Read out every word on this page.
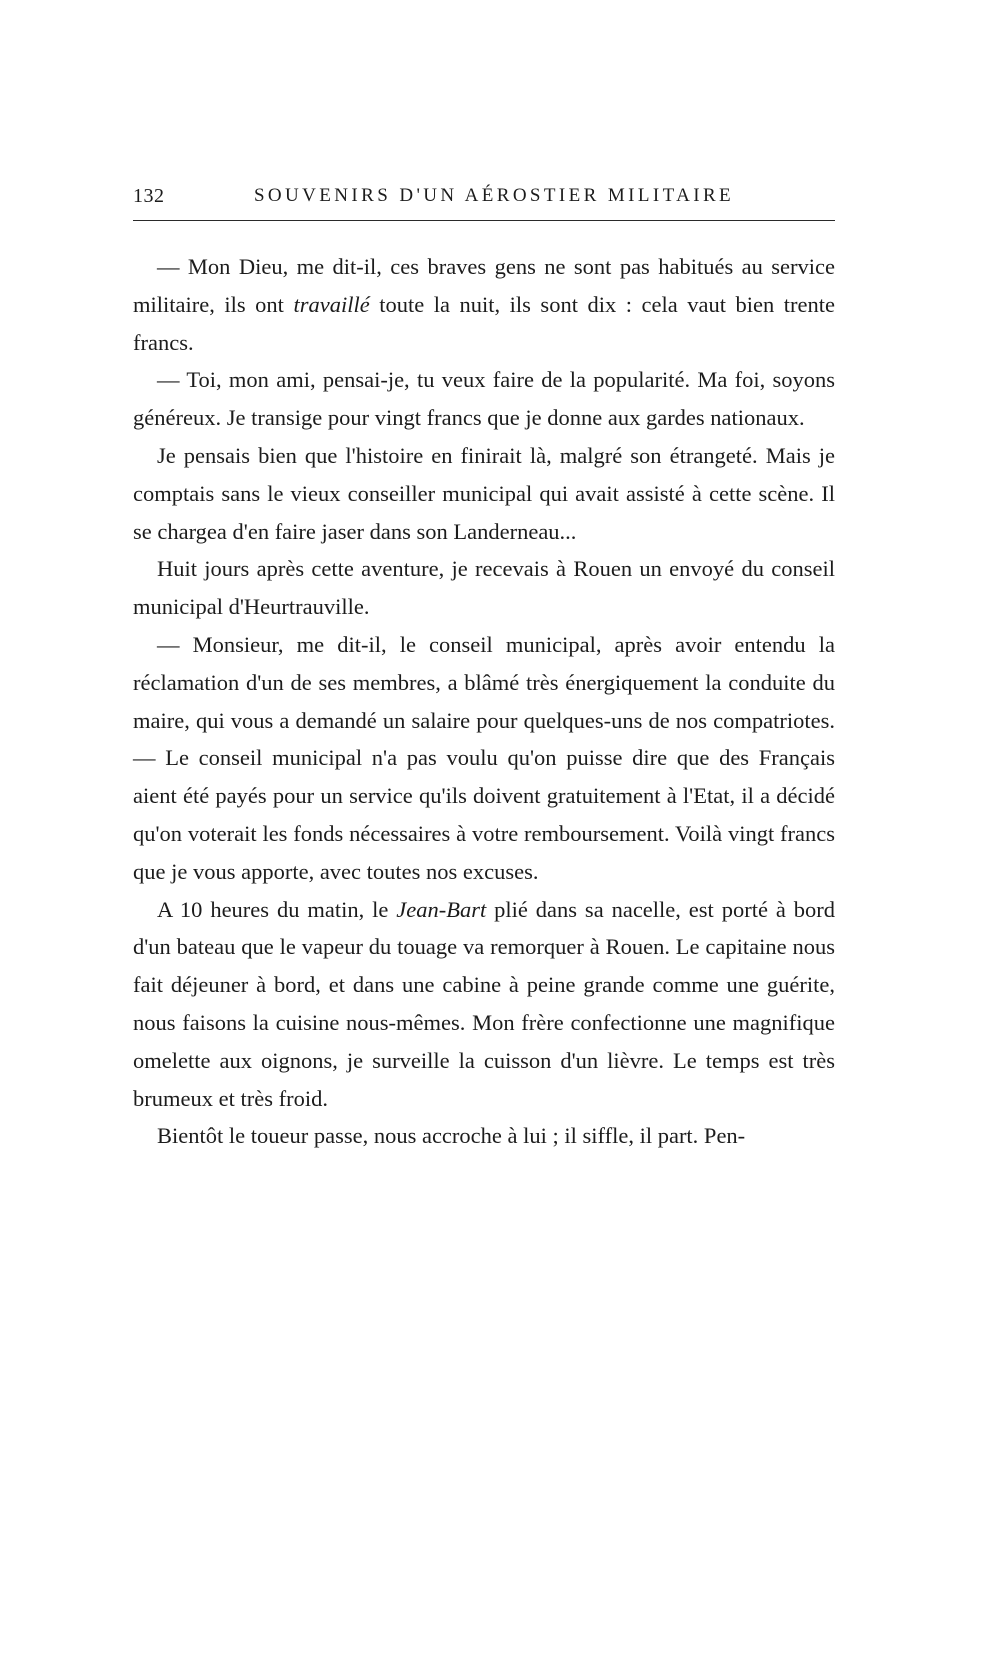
132	SOUVENIRS D'UN AÉROSTIER MILITAIRE

— Mon Dieu, me dit-il, ces braves gens ne sont pas habitués au service militaire, ils ont travaillé toute la nuit, ils sont dix : cela vaut bien trente francs.

— Toi, mon ami, pensai-je, tu veux faire de la popularité. Ma foi, soyons généreux. Je transige pour vingt francs que je donne aux gardes nationaux.

Je pensais bien que l'histoire en finirait là, malgré son étrangeté. Mais je comptais sans le vieux conseiller municipal qui avait assisté à cette scène. Il se chargea d'en faire jaser dans son Landerneau...

Huit jours après cette aventure, je recevais à Rouen un envoyé du conseil municipal d'Heurtrauville.

— Monsieur, me dit-il, le conseil municipal, après avoir entendu la réclamation d'un de ses membres, a blâmé très énergiquement la conduite du maire, qui vous a demandé un salaire pour quelques-uns de nos compatriotes. — Le conseil municipal n'a pas voulu qu'on puisse dire que des Français aient été payés pour un service qu'ils doivent gratuitement à l'Etat, il a décidé qu'on voterait les fonds nécessaires à votre remboursement. Voilà vingt francs que je vous apporte, avec toutes nos excuses.

A 10 heures du matin, le Jean-Bart plié dans sa nacelle, est porté à bord d'un bateau que le vapeur du touage va remorquer à Rouen. Le capitaine nous fait déjeuner à bord, et dans une cabine à peine grande comme une guérite, nous faisons la cuisine nous-mêmes. Mon frère confectionne une magnifique omelette aux oignons, je surveille la cuisson d'un lièvre. Le temps est très brumeux et très froid.

Bientôt le toueur passe, nous accroche à lui ; il siffle, il part. Pen-
